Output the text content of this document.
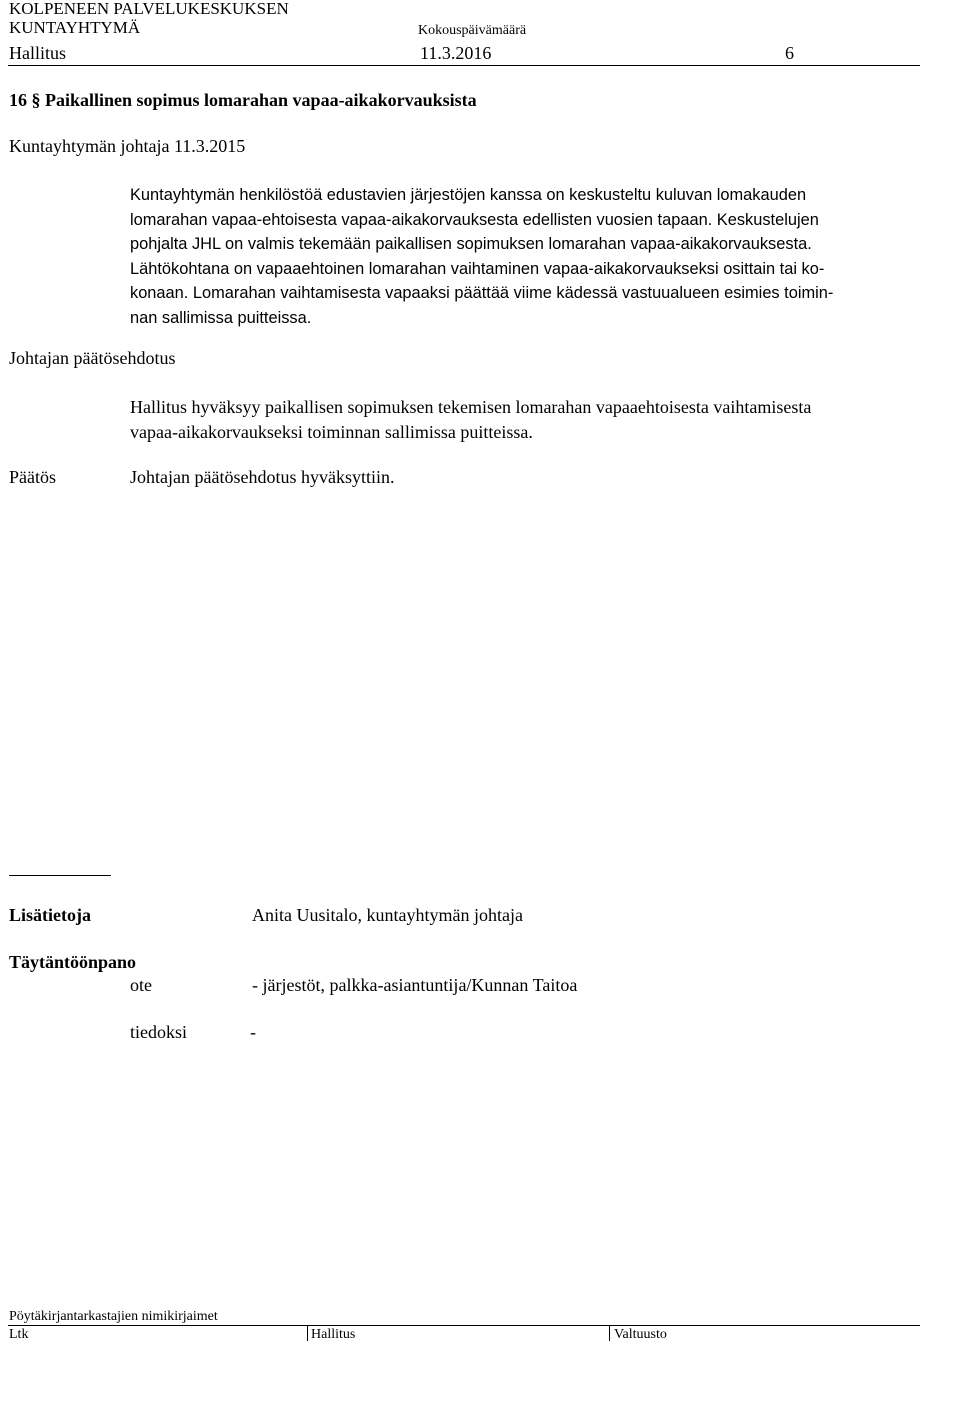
KOLPENEEN PALVELUKESKUKSEN
KUNTAYHTYMÄ	Kokouspäivämäärä
Hallitus	11.3.2016	6
16 § Paikallinen sopimus lomarahan vapaa-aikakorvauksista
Kuntayhtymän johtaja 11.3.2015
Kuntayhtymän henkilöstöä edustavien järjestöjen kanssa on keskusteltu kuluvan lomakauden
lomarahan vapaa-ehtoisesta vapaa-aikakorvauksesta edellisten vuosien tapaan. Keskustelujen
pohjalta JHL on valmis tekemään paikallisen sopimuksen lomarahan vapaa-aikakorvauksesta.
Lähtökohtana on vapaaehtoinen lomarahan vaihtaminen vapaa-aikakorvaukseksi osittain tai ko-
konaan. Lomarahan vaihtamisesta vapaaksi päättää viime kädessä vastuualueen esimies toimin-
nan sallimissa puitteissa.
Johtajan päätösehdotus
Hallitus hyväksyy paikallisen sopimuksen tekemisen lomarahan vapaaehtoisesta vaihtamisesta
vapaa-aikakorvaukseksi toiminnan sallimissa puitteissa.
Päätös	Johtajan päätösehdotus hyväksyttiin.
Lisätietoja	Anita Uusitalo, kuntayhtymän johtaja
Täytäntöönpano
ote	- järjestöt, palkka-asiantuntija/Kunnan Taitoa
tiedoksi	-
Pöytäkirjantarkastajien nimikirjaimet
Ltk	Hallitus	Valtuusto
